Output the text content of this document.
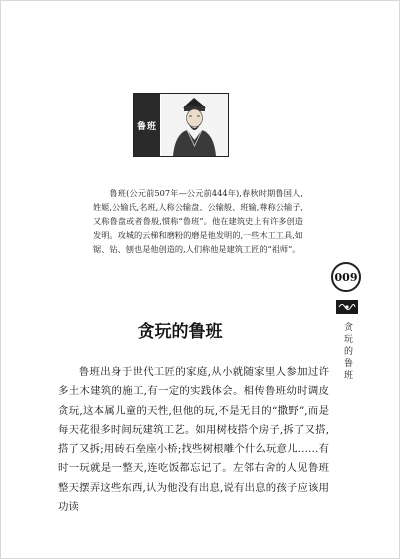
鲁班

鲁班(公元前507年—公元前444年),春秋时期鲁国人,姓姬,公输氏,名班,人称公输盘、公输般、班输,尊称公输子,又称鲁盘或者鲁般,惯称“鲁班”。他在建筑史上有许多创造发明。攻城的云梯和磨粉的磨是他发明的,一些木工工具,如锯、钻、刨也是他创造的,人们称他是建筑工匠的“祖师”。

009

贪玩的鲁班

贪玩的鲁班

鲁班出身于世代工匠的家庭,从小就随家里人参加过许多土木建筑的施工,有一定的实践体会。相传鲁班幼时调皮贪玩,这本属儿童的天性,但他的玩,不是无目的“撒野”,而是每天花很多时间玩建筑工艺。如用树枝搭个房子,拆了又搭,搭了又拆;用砖石垒座小桥;找些树根雕个什么玩意儿……有时一玩就是一整天,连吃饭都忘记了。左邻右舍的人见鲁班整天摆弄这些东西,认为他没有出息,说有出息的孩子应该用功读
